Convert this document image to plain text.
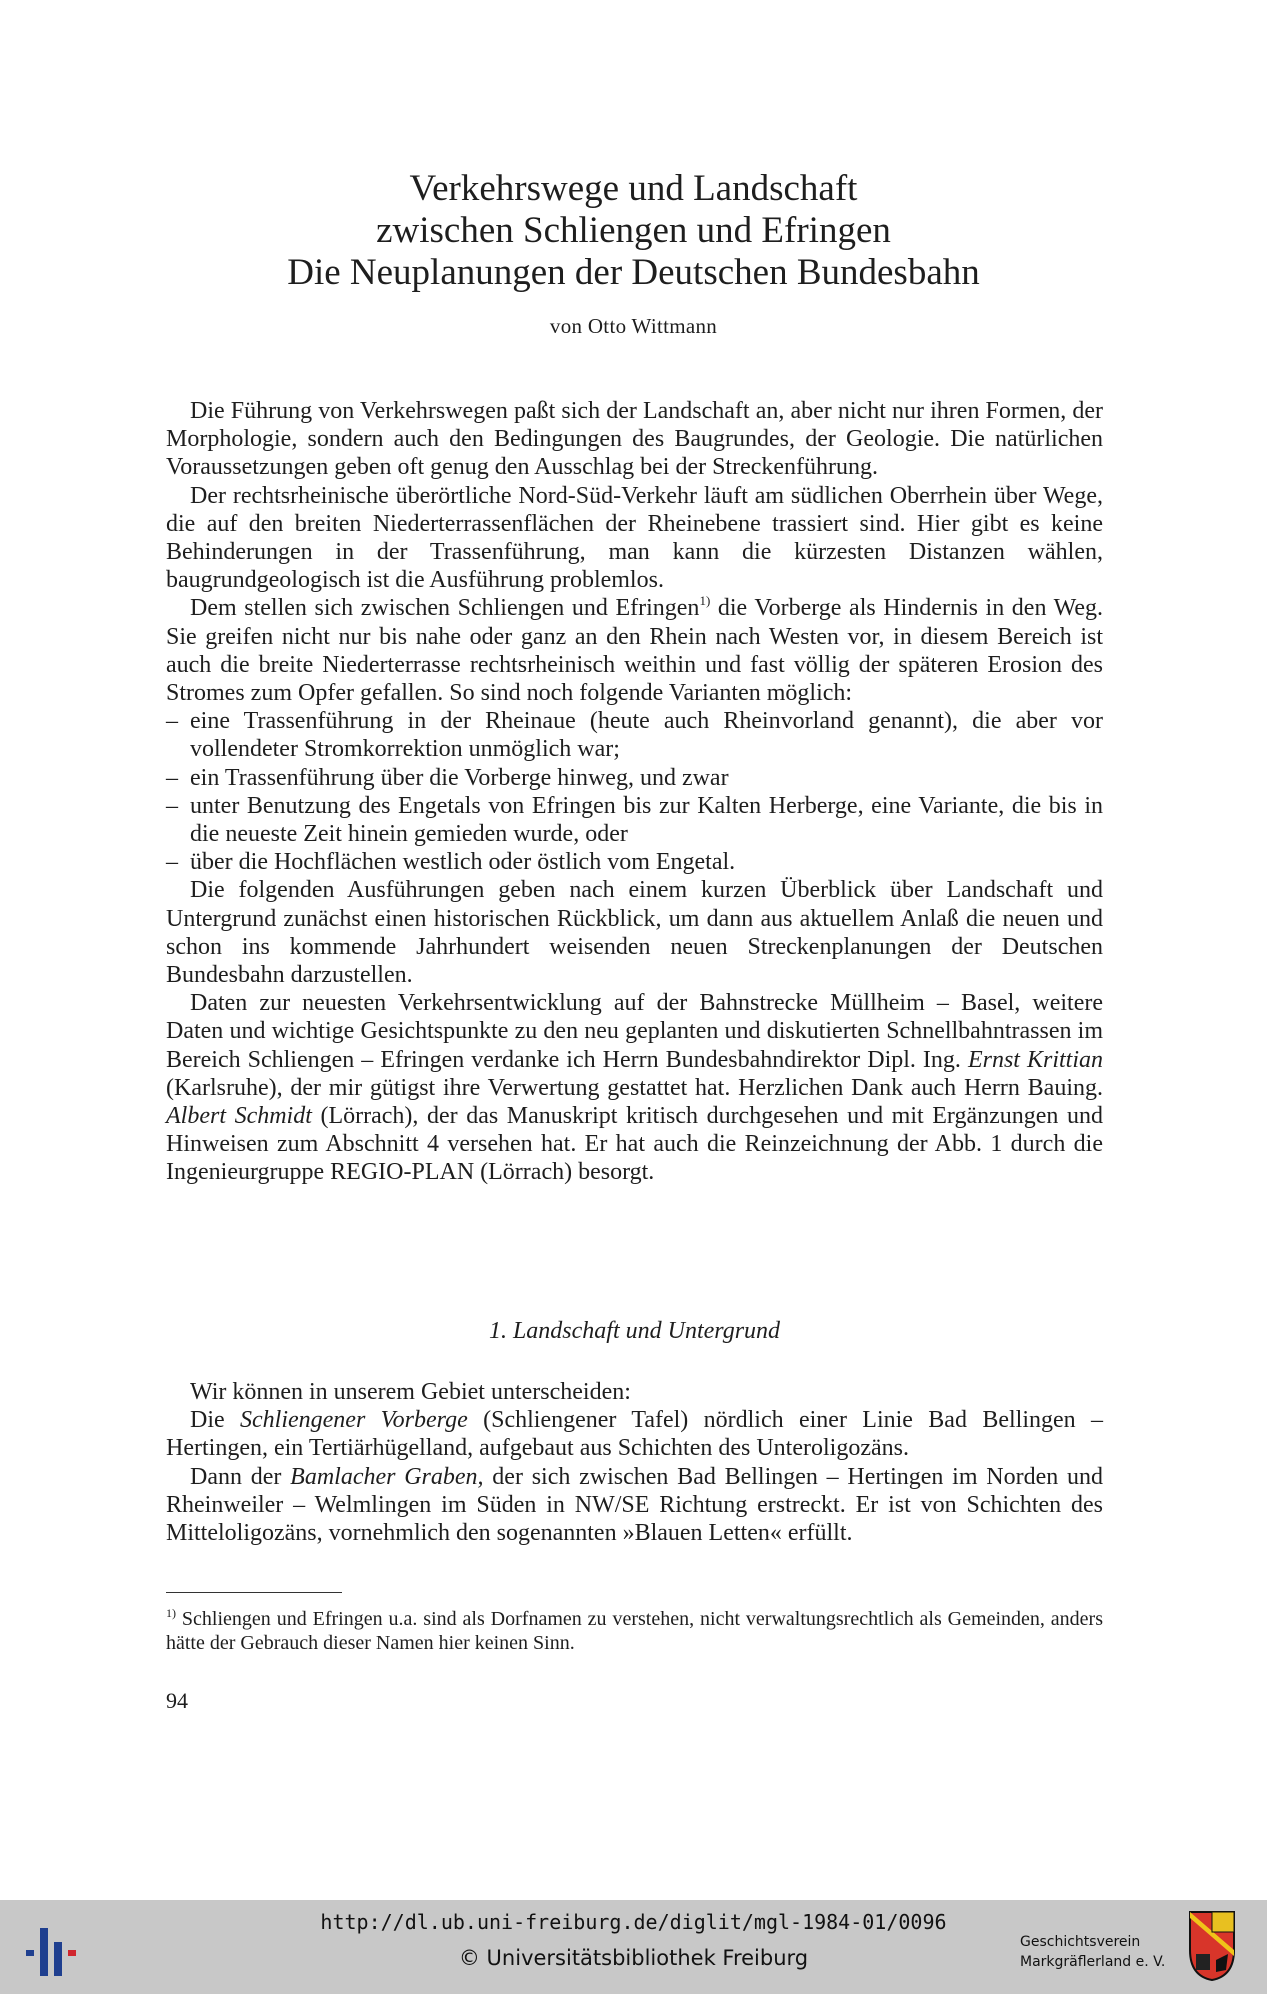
Verkehrswege und Landschaft
zwischen Schliengen und Efringen
Die Neuplanungen der Deutschen Bundesbahn
von Otto Wittmann

Die Führung von Verkehrswegen paßt sich der Landschaft an, aber nicht nur ihren Formen, der Morphologie, sondern auch den Bedingungen des Baugrundes, der Geologie. Die natürlichen Voraussetzungen geben oft genug den Ausschlag bei der Streckenführung.

Der rechtsrheinische überörtliche Nord-Süd-Verkehr läuft am südlichen Oberrhein über Wege, die auf den breiten Niederterrassenflächen der Rheinebene trassiert sind. Hier gibt es keine Behinderungen in der Trassenführung, man kann die kürzesten Distanzen wählen, baugrundgeologisch ist die Ausführung problemlos.

Dem stellen sich zwischen Schliengen und Efringen$^{1)}$ die Vorberge als Hindernis in den Weg. Sie greifen nicht nur bis nahe oder ganz an den Rhein nach Westen vor, in diesem Bereich ist auch die breite Niederterrasse rechtsrheinisch weithin und fast völlig der späteren Erosion des Stromes zum Opfer gefallen. So sind noch folgende Varianten möglich:

– eine Trassenführung in der Rheinaue (heute auch Rheinvorland genannt), die aber vor vollendeter Stromkorrektion unmöglich war;

– ein Trassenführung über die Vorberge hinweg, und zwar

– unter Benutzung des Engetals von Efringen bis zur Kalten Herberge, eine Variante, die bis in die neueste Zeit hinein gemieden wurde, oder

– über die Hochflächen westlich oder östlich vom Engetal.

Die folgenden Ausführungen geben nach einem kurzen Überblick über Landschaft und Untergrund zunächst einen historischen Rückblick, um dann aus aktuellem Anlaß die neuen und schon ins kommende Jahrhundert weisenden neuen Streckenplanungen der Deutschen Bundesbahn darzustellen.

Daten zur neuesten Verkehrsentwicklung auf der Bahnstrecke Müllheim – Basel, weitere Daten und wichtige Gesichtspunkte zu den neu geplanten und diskutierten Schnellbahntrassen im Bereich Schliengen – Efringen verdanke ich Herrn Bundesbahndirektor Dipl. Ing. Ernst Krittian (Karlsruhe), der mir gütigst ihre Verwertung gestattet hat. Herzlichen Dank auch Herrn Bauing. Albert Schmidt (Lörrach), der das Manuskript kritisch durchgesehen und mit Ergänzungen und Hinweisen zum Abschnitt 4 versehen hat. Er hat auch die Reinzeichnung der Abb. 1 durch die Ingenieurgruppe REGIO-PLAN (Lörrach) besorgt.

1. Landschaft und Untergrund

Wir können in unserem Gebiet unterscheiden:

Die Schliengener Vorberge (Schliengener Tafel) nördlich einer Linie Bad Bellingen – Hertingen, ein Tertiärhügelland, aufgebaut aus Schichten des Unteroligozäns.

Dann der Bamlacher Graben, der sich zwischen Bad Bellingen – Hertingen im Norden und Rheinweiler – Welmlingen im Süden in NW/SE Richtung erstreckt. Er ist von Schichten des Mitteloligozäns, vornehmlich den sogenannten »Blauen Letten« erfüllt.

$^{1)}$ Schliengen und Efringen u.a. sind als Dorfnamen zu verstehen, nicht verwaltungsrechtlich als Gemeinden, anders hätte der Gebrauch dieser Namen hier keinen Sinn.
94
http://dl.ub.uni-freiburg.de/diglit/mgl-1984-01/0096
© Universitätsbibliothek Freiburg
Geschichtsverein
Markgräflerland e. V.
